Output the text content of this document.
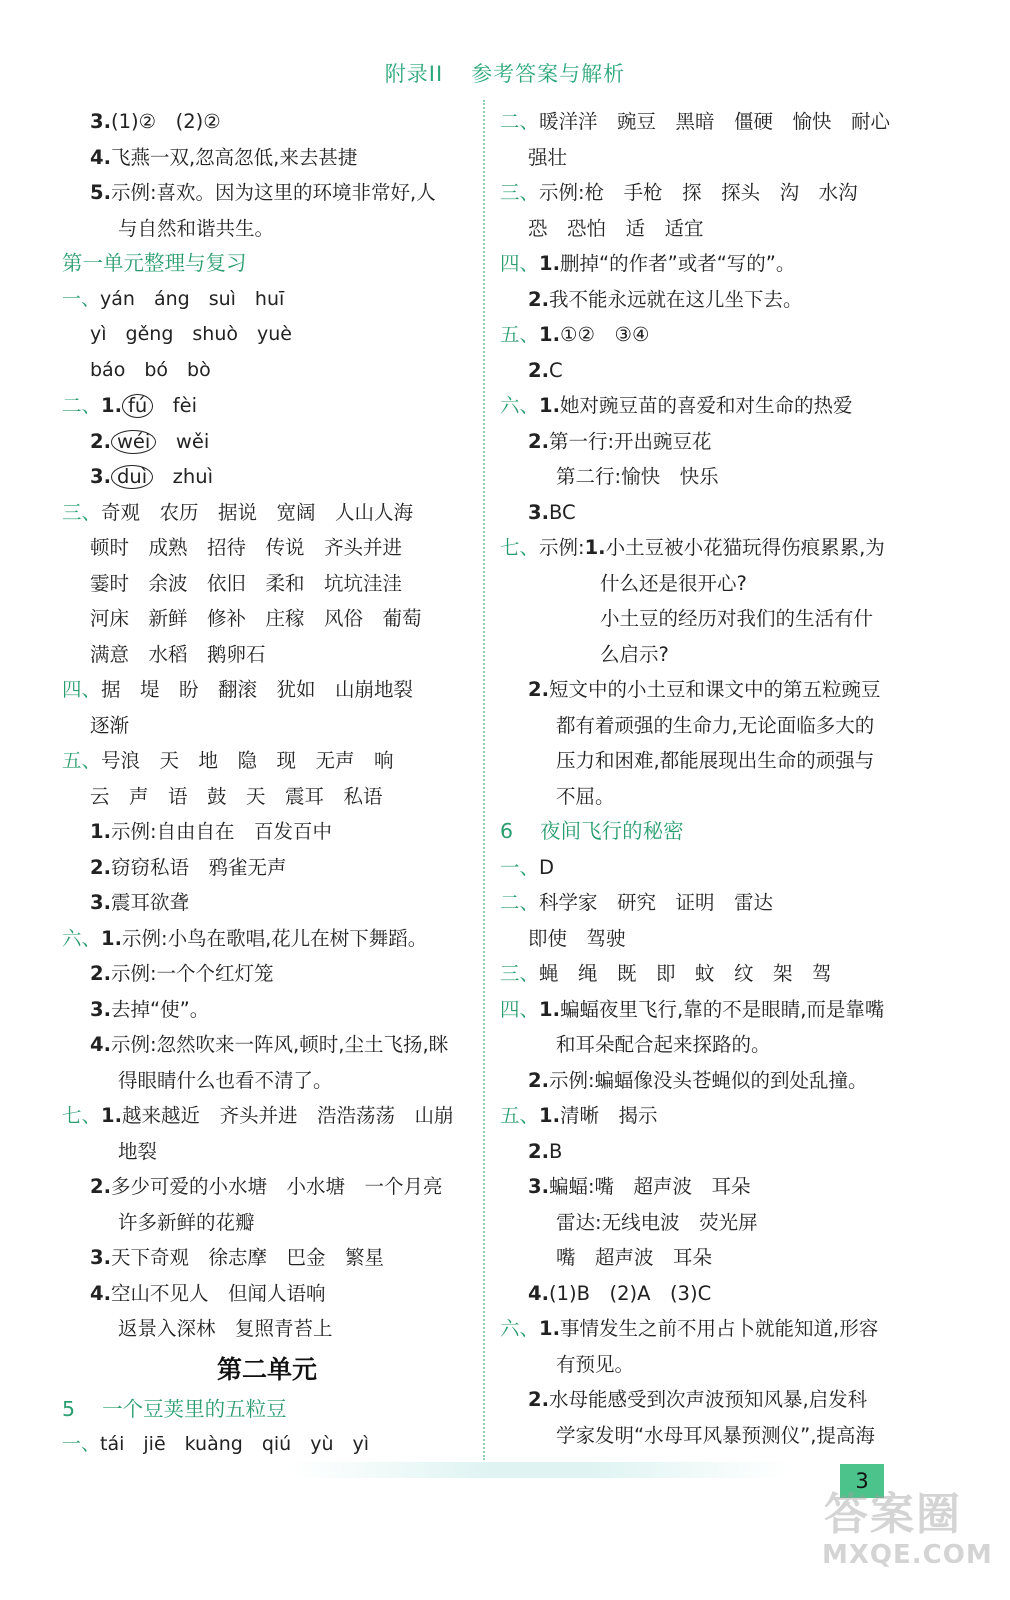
附录II 参考答案与解析
3.(1)②　(2)②
4.飞燕一双,忽高忽低,来去甚捷
5.示例:喜欢。因为这里的环境非常好,人
与自然和谐共生。
第一单元整理与复习
一、yán　áng　suì　huī
yì　gěng　shuò　yuè
báo　bó　bò
二、1. fú　 fèi
2. wéi　 wěi
3. duì　 zhuì
三、奇观　农历　据说　宽阔　人山人海
顿时　成熟　招待　传说　齐头并进
霎时　余波　依旧　柔和　坑坑洼洼
河床　新鲜　修补　庄稼　风俗　葡萄
满意　水稻　鹅卵石
四、据　堤　盼　翻滚　犹如　山崩地裂
逐渐
五、号浪　天　地　隐　现　无声　响
云　声　语　鼓　天　震耳　私语
1.示例:自由自在　百发百中
2.窃窃私语　鸦雀无声
3.震耳欲聋
六、1.示例:小鸟在歌唱,花儿在树下舞蹈。
2.示例:一个个红灯笼
3.去掉“使”。
4.示例:忽然吹来一阵风,顿时,尘土飞扬,眯
得眼睛什么也看不清了。
七、1.越来越近　齐头并进　浩浩荡荡　山崩
地裂
2.多少可爱的小水塘　小水塘　一个月亮
许多新鲜的花瓣
3.天下奇观　徐志摩　巴金　繁星
4.空山不见人　但闻人语响
返景入深林　复照青苔上
第二单元
5　 一个豆荚里的五粒豆
一、tái　jiē　kuàng　qiú　yù　yì
二、暖洋洋　豌豆　黑暗　僵硬　愉快　耐心
强壮
三、示例:枪　手枪　探　探头　沟　水沟
恐　恐怕　适　适宜
四、1.删掉“的作者”或者“写的”。
2.我不能永远就在这儿坐下去。
五、1.①②　③④
2.C
六、1.她对豌豆苗的喜爱和对生命的热爱
2.第一行:开出豌豆花
第二行:愉快　快乐
3.BC
七、示例:1.小土豆被小花猫玩得伤痕累累,为
什么还是很开心?
小土豆的经历对我们的生活有什
么启示?
2.短文中的小土豆和课文中的第五粒豌豆
都有着顽强的生命力,无论面临多大的
压力和困难,都能展现出生命的顽强与
不屈。
6　 夜间飞行的秘密
一、D
二、科学家　研究　证明　雷达
即使　驾驶
三、蝇　绳　既　即　蚊　纹　架　驾
四、1.蝙蝠夜里飞行,靠的不是眼睛,而是靠嘴
和耳朵配合起来探路的。
2.示例:蝙蝠像没头苍蝇似的到处乱撞。
五、1.清晰　揭示
2.B
3.蝙蝠:嘴　超声波　耳朵
雷达:无线电波　荧光屏
嘴　超声波　耳朵
4.(1)B　(2)A　(3)C
六、1.事情发生之前不用占卜就能知道,形容
有预见。
2.水母能感受到次声波预知风暴,启发科
学家发明“水母耳风暴预测仪”,提高海
3
答案圈
MXQE.COM
